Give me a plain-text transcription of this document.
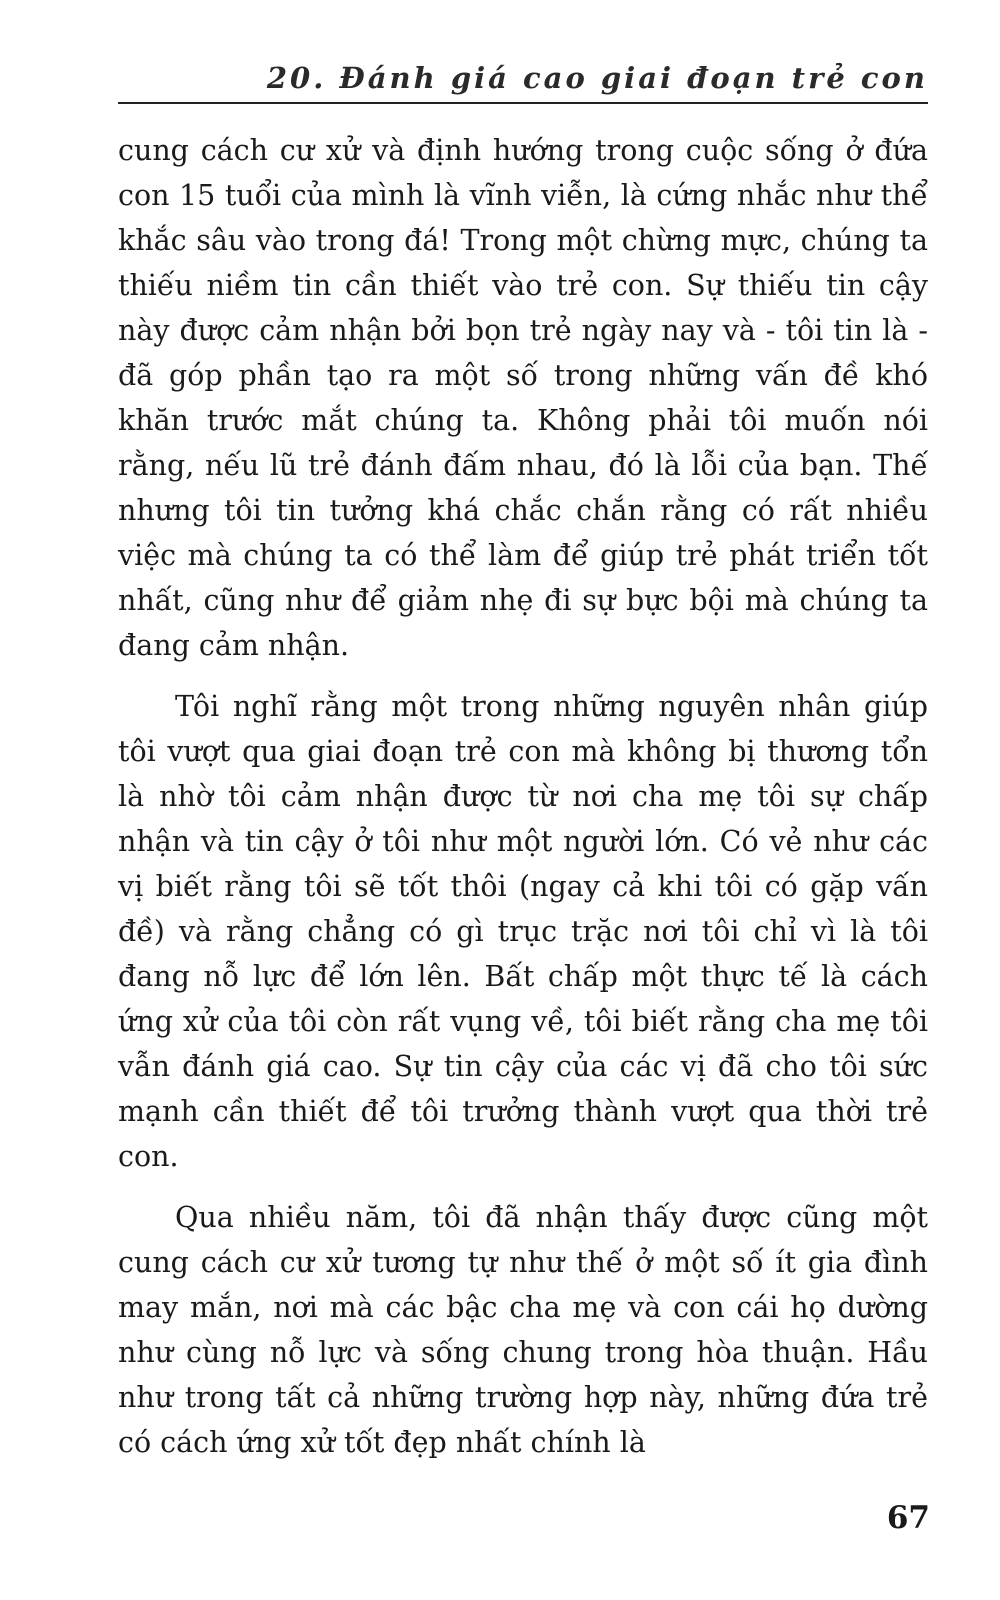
20. Đánh giá cao giai đoạn trẻ con

cung cách cư xử và định hướng trong cuộc sống ở đứa con 15 tuổi của mình là vĩnh viễn, là cứng nhắc như thể khắc sâu vào trong đá! Trong một chừng mực, chúng ta thiếu niềm tin cần thiết vào trẻ con. Sự thiếu tin cậy này được cảm nhận bởi bọn trẻ ngày nay và - tôi tin là - đã góp phần tạo ra một số trong những vấn đề khó khăn trước mắt chúng ta. Không phải tôi muốn nói rằng, nếu lũ trẻ đánh đấm nhau, đó là lỗi của bạn. Thế nhưng tôi tin tưởng khá chắc chắn rằng có rất nhiều việc mà chúng ta có thể làm để giúp trẻ phát triển tốt nhất, cũng như để giảm nhẹ đi sự bực bội mà chúng ta đang cảm nhận.

Tôi nghĩ rằng một trong những nguyên nhân giúp tôi vượt qua giai đoạn trẻ con mà không bị thương tổn là nhờ tôi cảm nhận được từ nơi cha mẹ tôi sự chấp nhận và tin cậy ở tôi như một người lớn. Có vẻ như các vị biết rằng tôi sẽ tốt thôi (ngay cả khi tôi có gặp vấn đề) và rằng chẳng có gì trục trặc nơi tôi chỉ vì là tôi đang nỗ lực để lớn lên. Bất chấp một thực tế là cách ứng xử của tôi còn rất vụng về, tôi biết rằng cha mẹ tôi vẫn đánh giá cao. Sự tin cậy của các vị đã cho tôi sức mạnh cần thiết để tôi trưởng thành vượt qua thời trẻ con.

Qua nhiều năm, tôi đã nhận thấy được cũng một cung cách cư xử tương tự như thế ở một số ít gia đình may mắn, nơi mà các bậc cha mẹ và con cái họ dường như cùng nỗ lực và sống chung trong hòa thuận. Hầu như trong tất cả những trường hợp này, những đứa trẻ có cách ứng xử tốt đẹp nhất chính là

67
